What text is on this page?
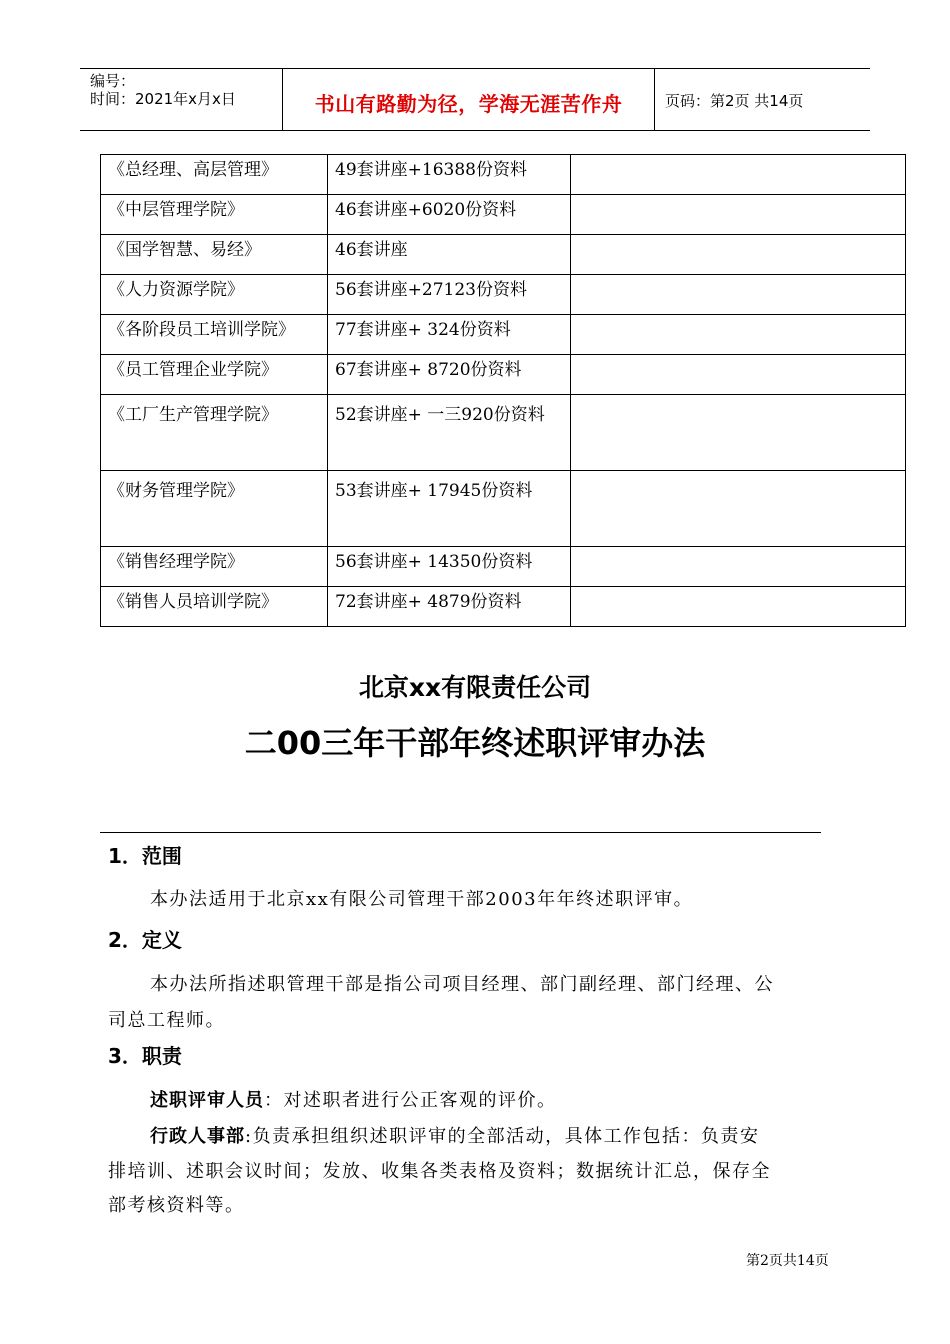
编号：
时间：2021年x月x日	书山有路勤为径，学海无涯苦作舟	页码：第2页 共14页
《总经理、高层管理》	49套讲座+16388份资料	
《中层管理学院》	46套讲座+6020份资料	
《国学智慧、易经》	46套讲座	
《人力资源学院》	56套讲座+27123份资料	
《各阶段员工培训学院》	77套讲座+ 324份资料	
《员工管理企业学院》	67套讲座+ 8720份资料	
《工厂生产管理学院》	52套讲座+ 一三920份资料	
《财务管理学院》	53套讲座+ 17945份资料	
《销售经理学院》	56套讲座+ 14350份资料	
《销售人员培训学院》	72套讲座+ 4879份资料	
北京xx有限责任公司
二00三年干部年终述职评审办法
1．范围
本办法适用于北京xx有限公司管理干部2003年年终述职评审。
2．定义
本办法所指述职管理干部是指公司项目经理、部门副经理、部门经理、公
司总工程师。
3．职责
述职评审人员：对述职者进行公正客观的评价。
行政人事部:负责承担组织述职评审的全部活动，具体工作包括：负责安
排培训、述职会议时间；发放、收集各类表格及资料；数据统计汇总，保存全
部考核资料等。
第2页共14页
